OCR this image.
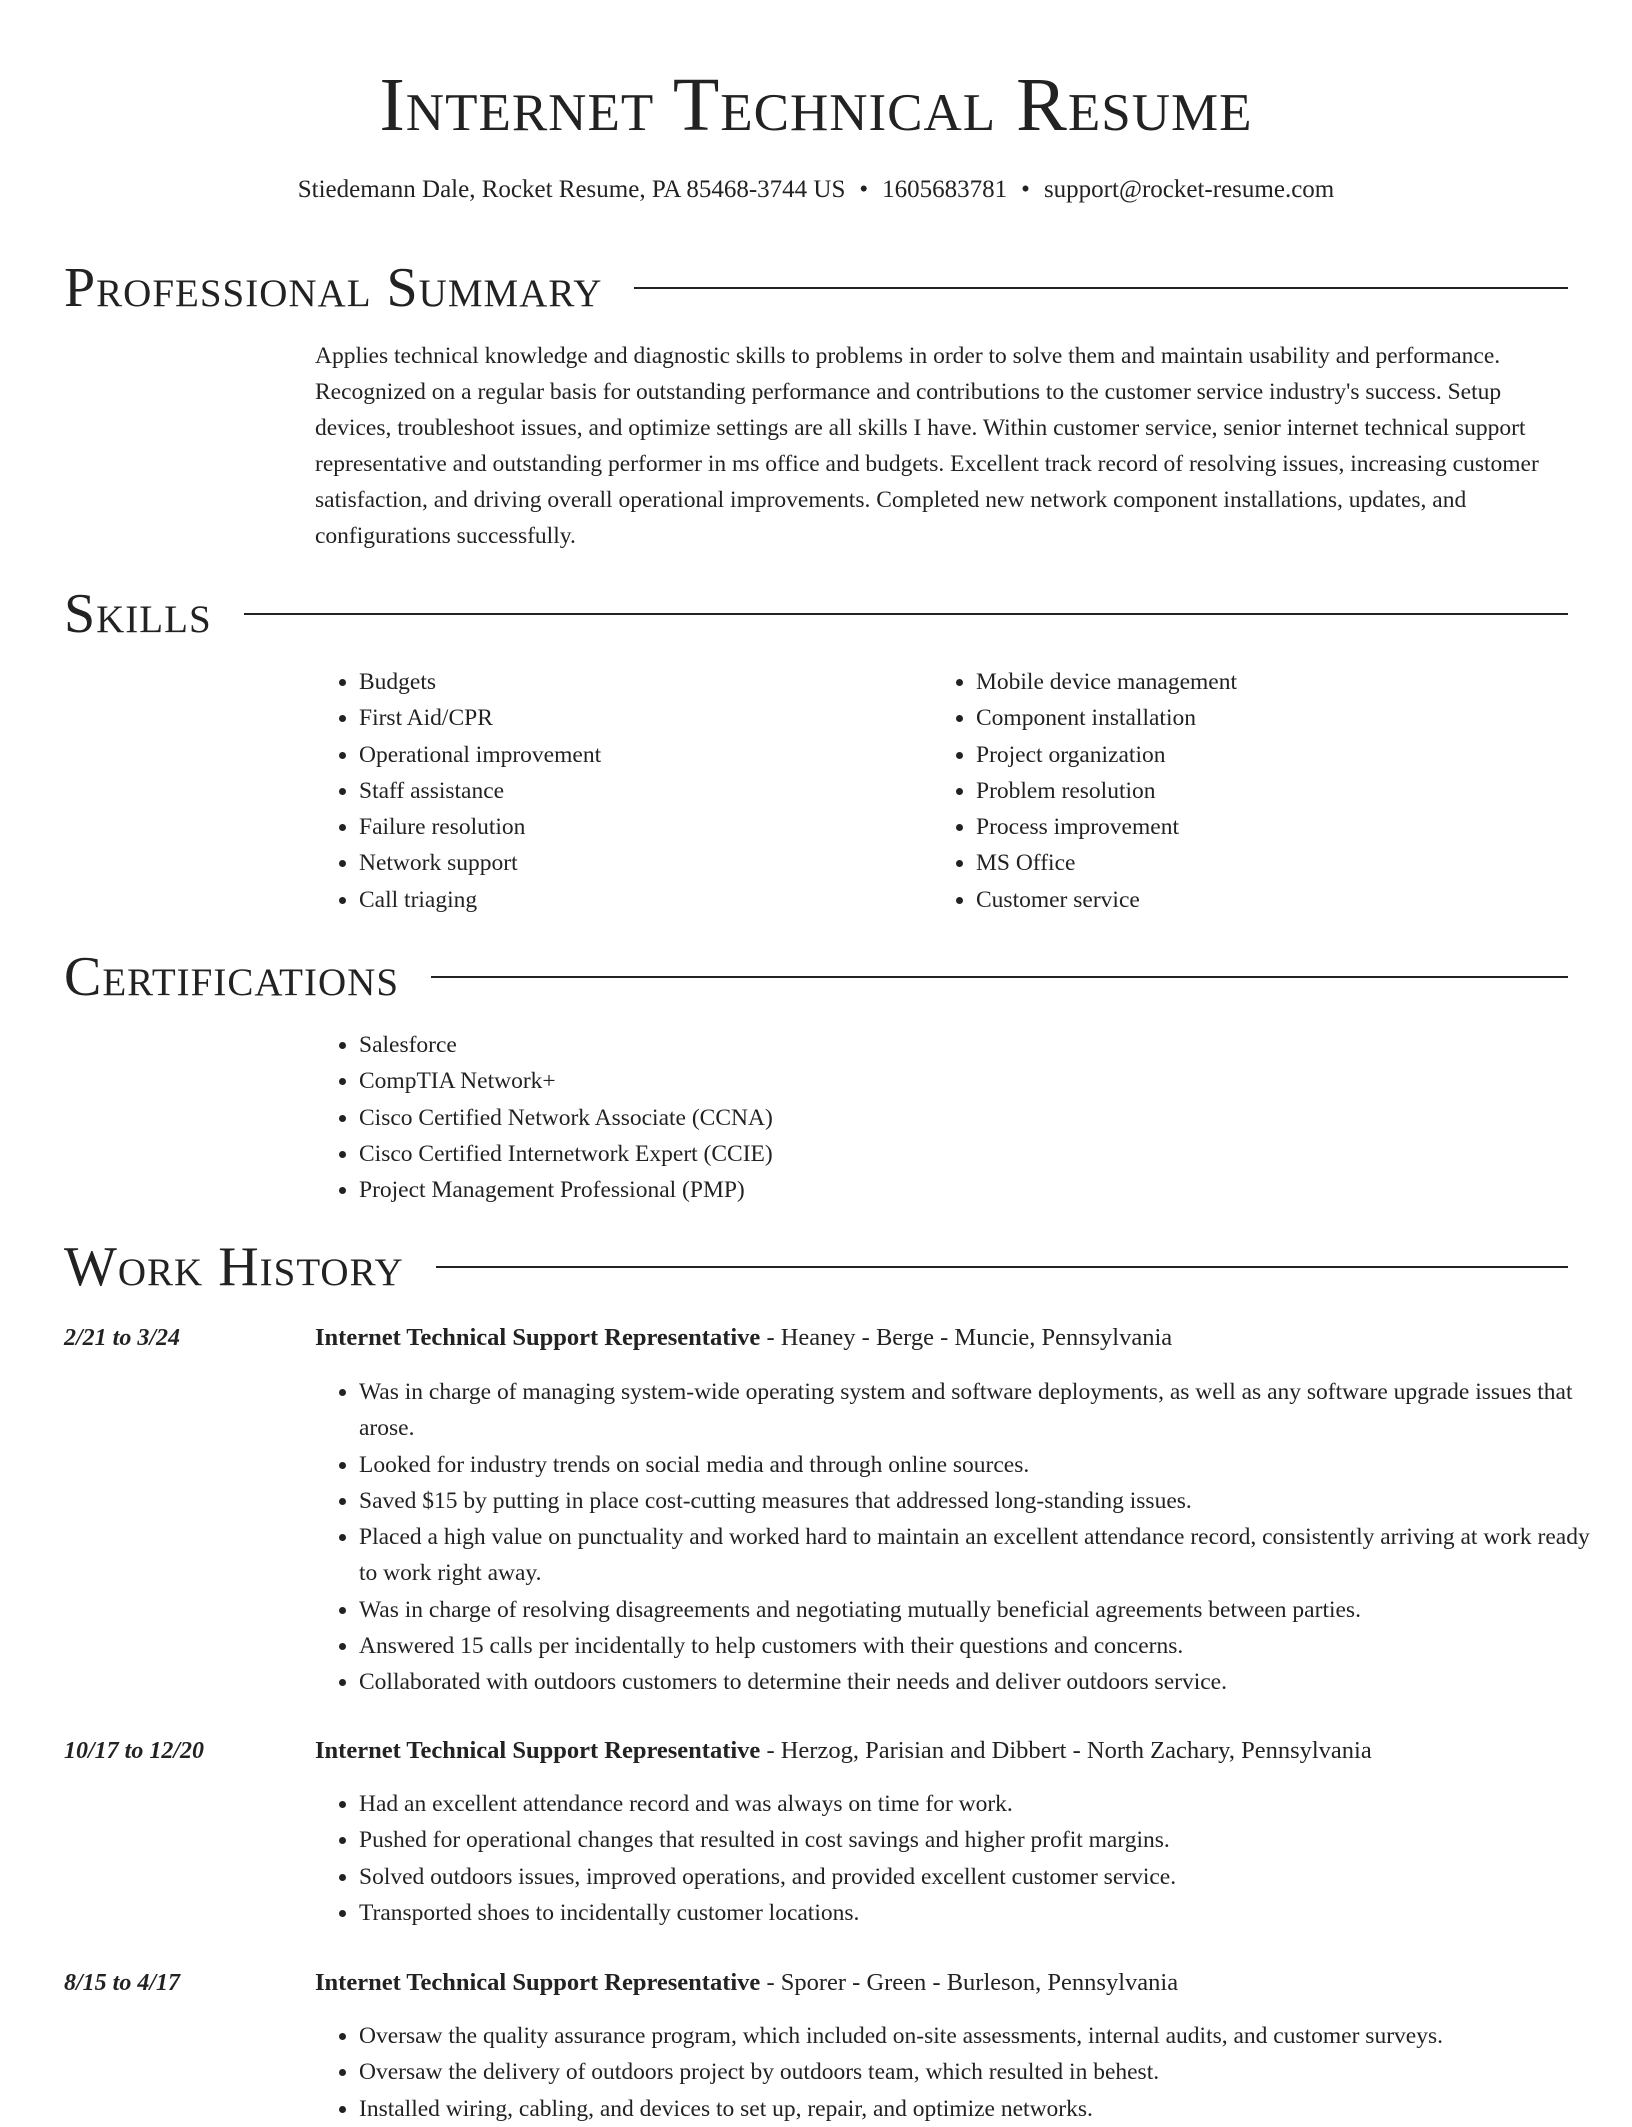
Internet Technical Resume

Stiedemann Dale, Rocket Resume, PA 85468-3744 US • 1605683781 • support@rocket-resume.com

Professional Summary

Applies technical knowledge and diagnostic skills to problems in order to solve them and maintain usability and performance. Recognized on a regular basis for outstanding performance and contributions to the customer service industry's success. Setup devices, troubleshoot issues, and optimize settings are all skills I have. Within customer service, senior internet technical support representative and outstanding performer in ms office and budgets. Excellent track record of resolving issues, increasing customer satisfaction, and driving overall operational improvements. Completed new network component installations, updates, and configurations successfully.

Skills
• Budgets
• First Aid/CPR
• Operational improvement
• Staff assistance
• Failure resolution
• Network support
• Call triaging
• Mobile device management
• Component installation
• Project organization
• Problem resolution
• Process improvement
• MS Office
• Customer service
Certifications
• Salesforce
• CompTIA Network+
• Cisco Certified Network Associate (CCNA)
• Cisco Certified Internetwork Expert (CCIE)
• Project Management Professional (PMP)
Work History

2/21 to 3/24	Internet Technical Support Representative - Heaney - Berge - Muncie, Pennsylvania

• Was in charge of managing system-wide operating system and software deployments, as well as any software upgrade issues that arose.
• Looked for industry trends on social media and through online sources.
• Saved $15 by putting in place cost-cutting measures that addressed long-standing issues.
• Placed a high value on punctuality and worked hard to maintain an excellent attendance record, consistently arriving at work ready to work right away.
• Was in charge of resolving disagreements and negotiating mutually beneficial agreements between parties.
• Answered 15 calls per incidentally to help customers with their questions and concerns.
• Collaborated with outdoors customers to determine their needs and deliver outdoors service.

10/17 to 12/20	Internet Technical Support Representative - Herzog, Parisian and Dibbert - North Zachary, Pennsylvania

• Had an excellent attendance record and was always on time for work.
• Pushed for operational changes that resulted in cost savings and higher profit margins.
• Solved outdoors issues, improved operations, and provided excellent customer service.
• Transported shoes to incidentally customer locations.

8/15 to 4/17	Internet Technical Support Representative - Sporer - Green - Burleson, Pennsylvania

• Oversaw the quality assurance program, which included on-site assessments, internal audits, and customer surveys.
• Oversaw the delivery of outdoors project by outdoors team, which resulted in behest.
• Installed wiring, cabling, and devices to set up, repair, and optimize networks.
